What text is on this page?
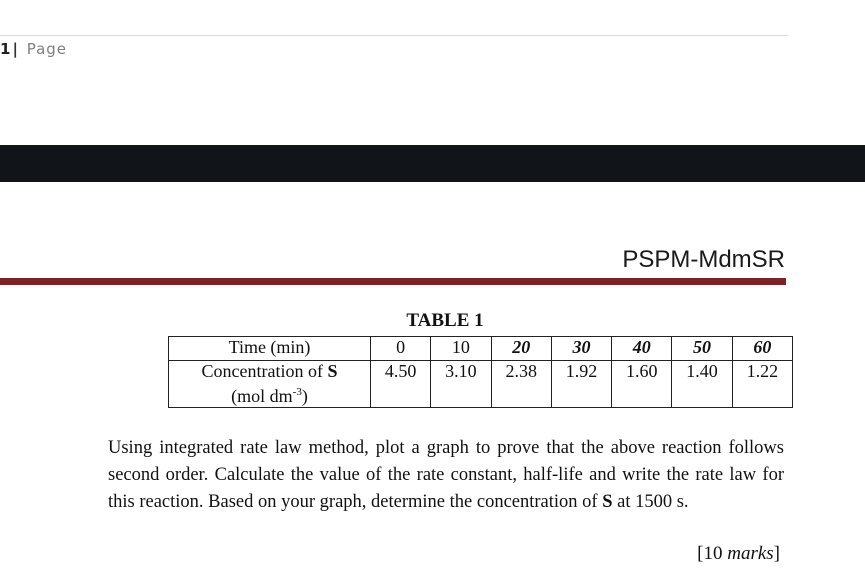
1 | Page
PSPM-MdmSR
TABLE 1
Time (min)	0	10	20	30	40	50	60
Concentration of S
(mol $dm^{-3}$)	4.50	3.10	2.38	1.92	1.60	1.40	1.22
Using integrated rate law method, plot a graph to prove that the above reaction follows second order. Calculate the value of the rate constant, half-life and write the rate law for this reaction. Based on your graph, determine the concentration of S at 1500 s.
[10 marks]
